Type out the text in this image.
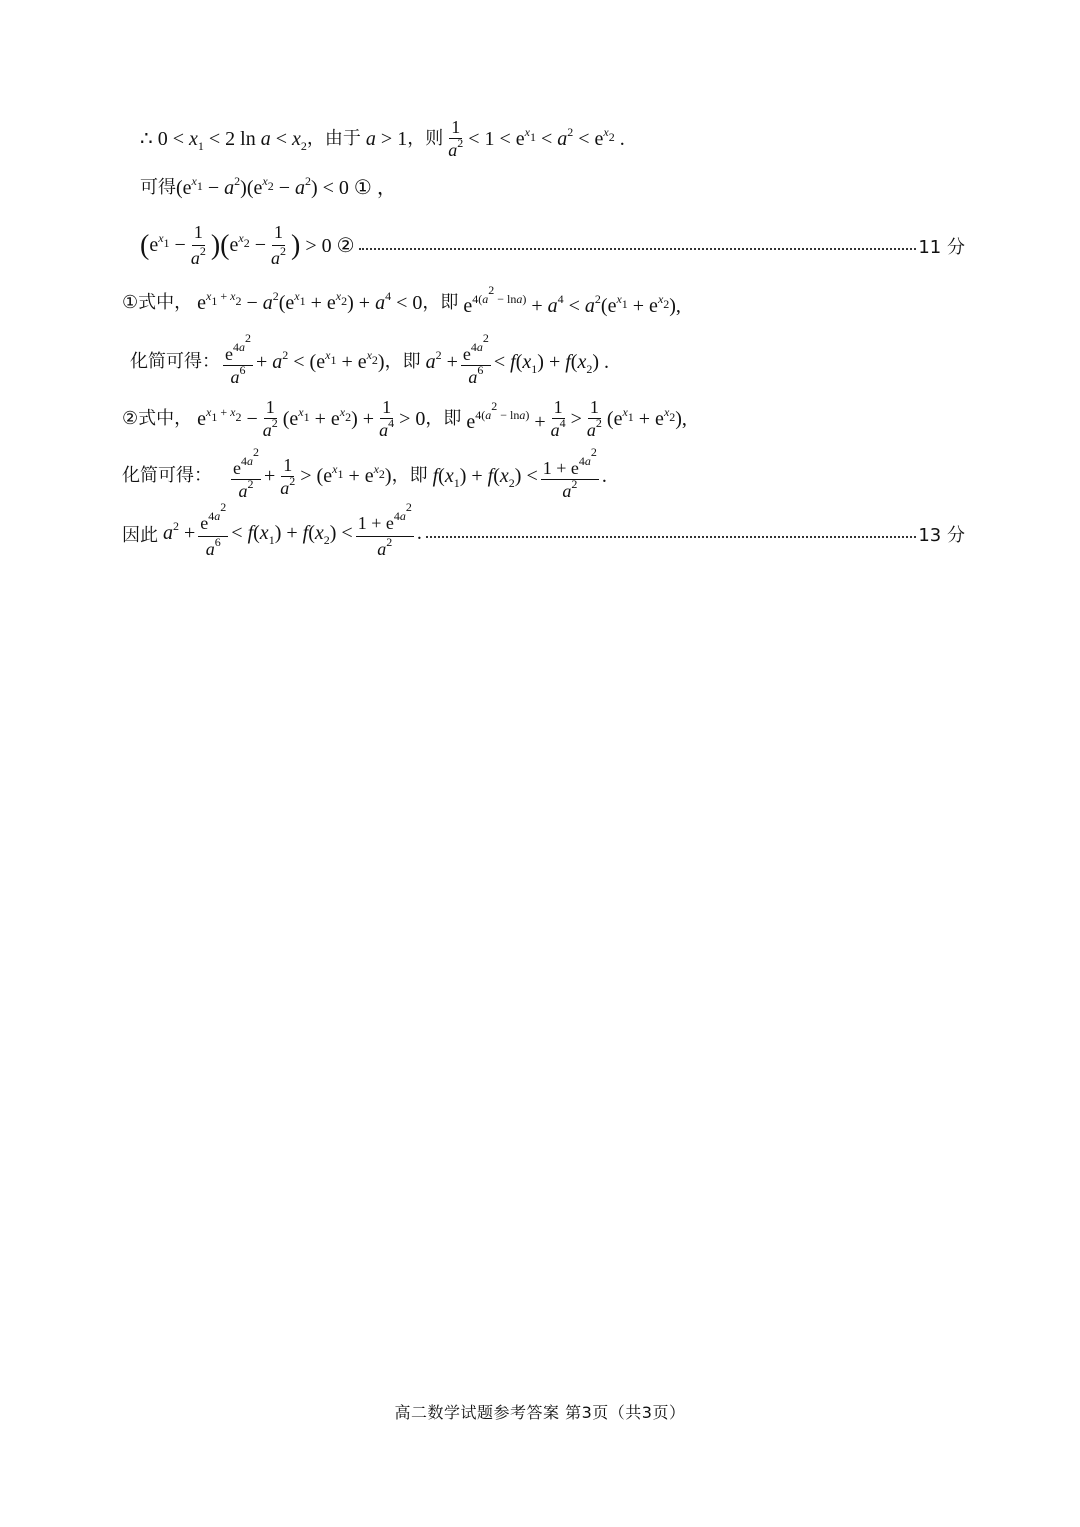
∴ $0 < x_1 < 2$ $\ln a < x_2$ ，由于 a > 1 ，则 $\frac{1}{a^2} < 1 < e^{x_1} < a^2 < e^{x_2}$ .
可得 $(e^{x_1} - a^2)(e^{x_2} - a^2) < 0$ ① ，
( $e^{x_1} - \frac{1}{a^2}$ )( $e^{x_2} - \frac{1}{a^2}$ ) > 0 ②	11 分
①式中， $e^{x_1 + x_2} - a^2(e^{x_1} + e^{x_2}) + a^4 < 0$ ，即 $e^{4(a^2 - lna)} + a^4 < a^2(e^{x_1} + e^{x_2})$,
化简可得： $\frac{e^{4a^2}}{a^6} + a^2 < (e^{x_1} + e^{x_2})$ ，即 $a^2 + \frac{e^{4a^2}}{a^6} < f(x_1) + f(x_2)$ .
②式中， $e^{x_1 + x_2} - \frac{1}{a^2} (e^{x_1} + e^{x_2}) + \frac{1}{a^4} > 0$ ，即 $e^{4(a^2 - lna)} + \frac{1}{a^4} > \frac{1}{a^2} (e^{x_1} + e^{x_2})$,
化简可得： $\frac{e^{4a^2}}{a^2} + \frac{1}{a^2} > (e^{x_1} + e^{x_2})$ ，即 $f(x_1) + f(x_2) < \frac{1 + e^{4a^2}}{a^2}$ .
因此 $a^2 + \frac{e^{4a^2}}{a^6} < f(x_1) + f(x_2) < \frac{1 + e^{4a^2}}{a^2}$ .	13 分
高二数学试题参考答案 第3页（共3页）
